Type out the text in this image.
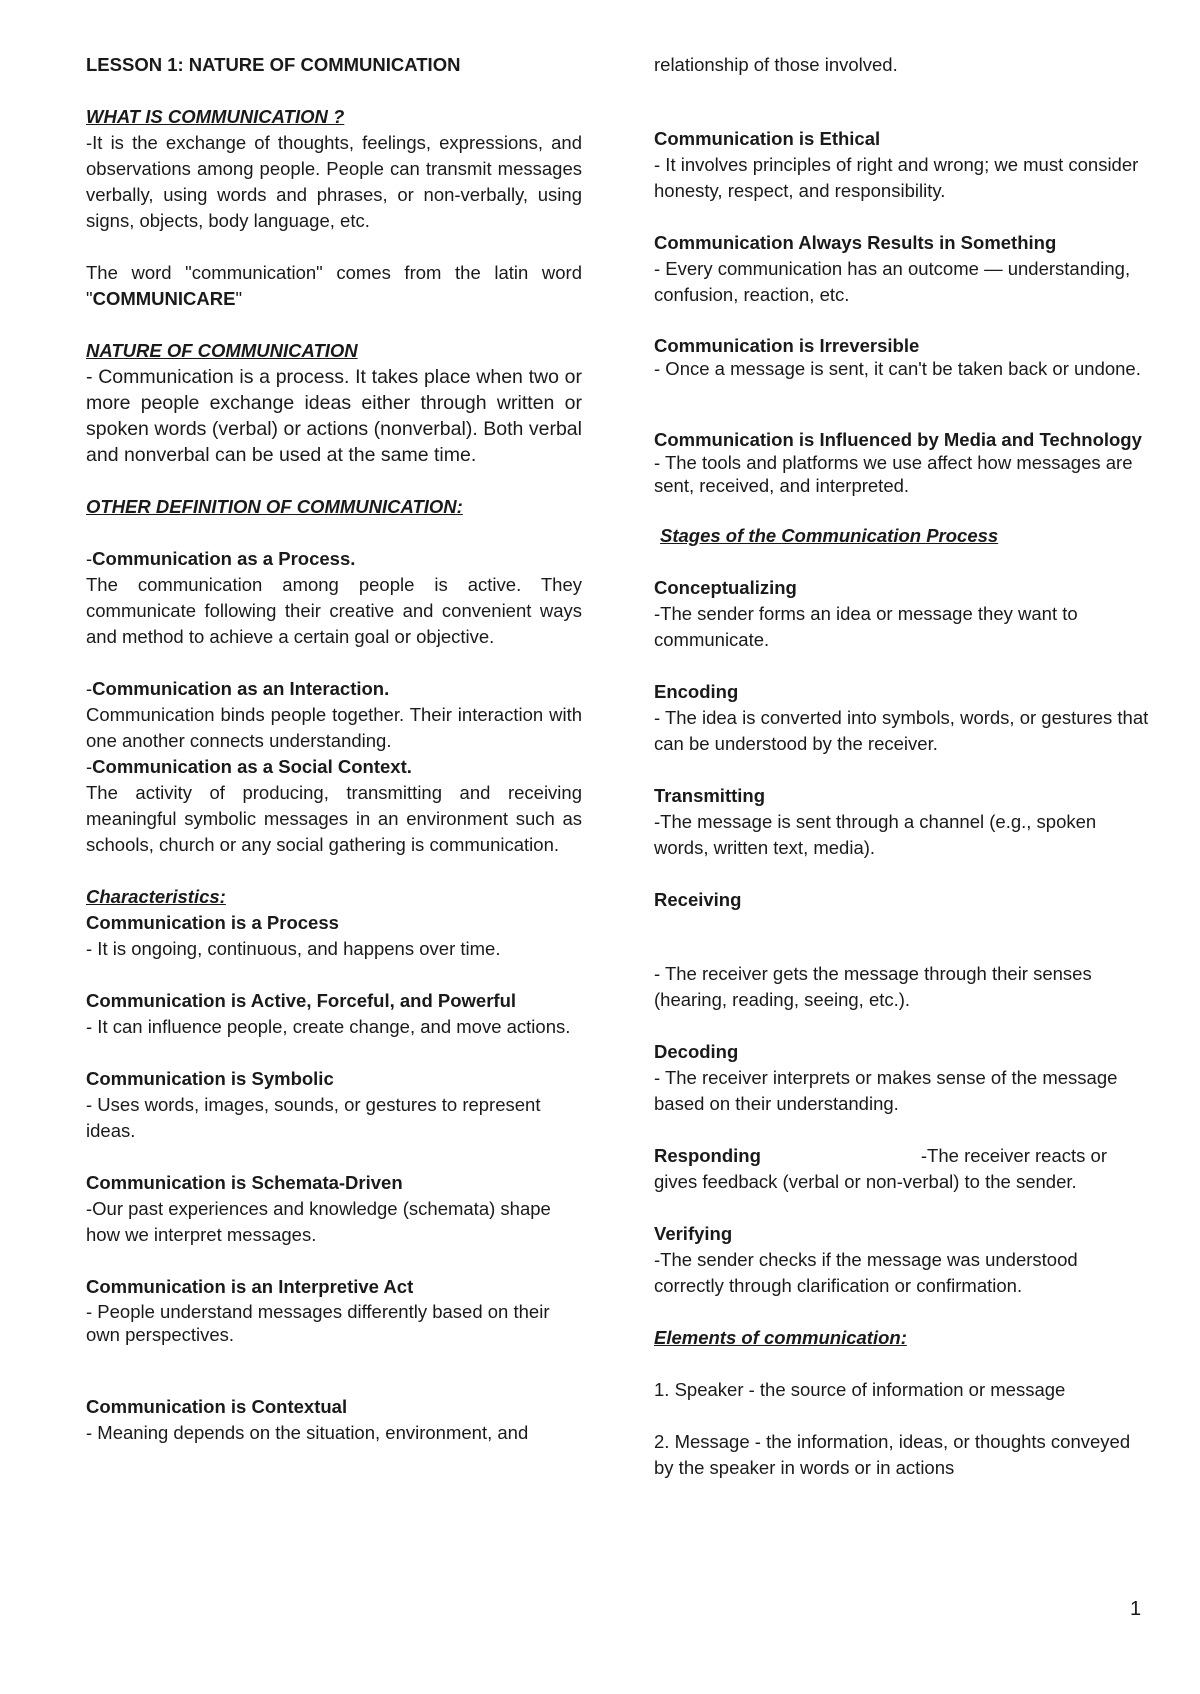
LESSON 1: NATURE OF COMMUNICATION

WHAT IS COMMUNICATION ?

-It is the exchange of thoughts, feelings, expressions, and observations among people. People can transmit messages verbally, using words and phrases, or non-verbally, using signs, objects, body language, etc.

The word "communication" comes from the latin word "COMMUNICARE"

NATURE OF COMMUNICATION

- Communication is a process. It takes place when two or more people exchange ideas either through written or spoken words (verbal) or actions (nonverbal). Both verbal and nonverbal can be used at the same time.

OTHER DEFINITION OF COMMUNICATION:

-Communication as a Process.

The communication among people is active. They communicate following their creative and convenient ways and method to achieve a certain goal or objective.

-Communication as an Interaction.

Communication binds people together. Their interaction with one another connects understanding.

-Communication as a Social Context.

The activity of producing, transmitting and receiving meaningful symbolic messages in an environment such as schools, church or any social gathering is communication.

Characteristics:

Communication is a Process

- It is ongoing, continuous, and happens over time.

Communication is Active, Forceful, and Powerful

- It can influence people, create change, and move actions.

Communication is Symbolic

- Uses words, images, sounds, or gestures to represent ideas.

Communication is Schemata-Driven

-Our past experiences and knowledge (schemata) shape how we interpret messages.

Communication is an Interpretive Act

- People understand messages differently based on their own perspectives.

Communication is Contextual

- Meaning depends on the situation, environment, and

relationship of those involved.

Communication is Ethical

- It involves principles of right and wrong; we must consider honesty, respect, and responsibility.

Communication Always Results in Something

- Every communication has an outcome — understanding, confusion, reaction, etc.

Communication is Irreversible

- Once a message is sent, it can't be taken back or undone.

Communication is Influenced by Media and Technology

- The tools and platforms we use affect how messages are sent, received, and interpreted.

Stages of the Communication Process

Conceptualizing

-The sender forms an idea or message they want to communicate.

Encoding

- The idea is converted into symbols, words, or gestures that can be understood by the receiver.

Transmitting

-The message is sent through a channel (e.g., spoken words, written text, media).

Receiving

- The receiver gets the message through their senses (hearing, reading, seeing, etc.).

Decoding

- The receiver interprets or makes sense of the message based on their understanding.

Responding	-The receiver reacts or gives feedback (verbal or non-verbal) to the sender.

Verifying

-The sender checks if the message was understood correctly through clarification or confirmation.

Elements of communication:

1. Speaker - the source of information or message

2. Message - the information, ideas, or thoughts conveyed by the speaker in words or in actions

1
